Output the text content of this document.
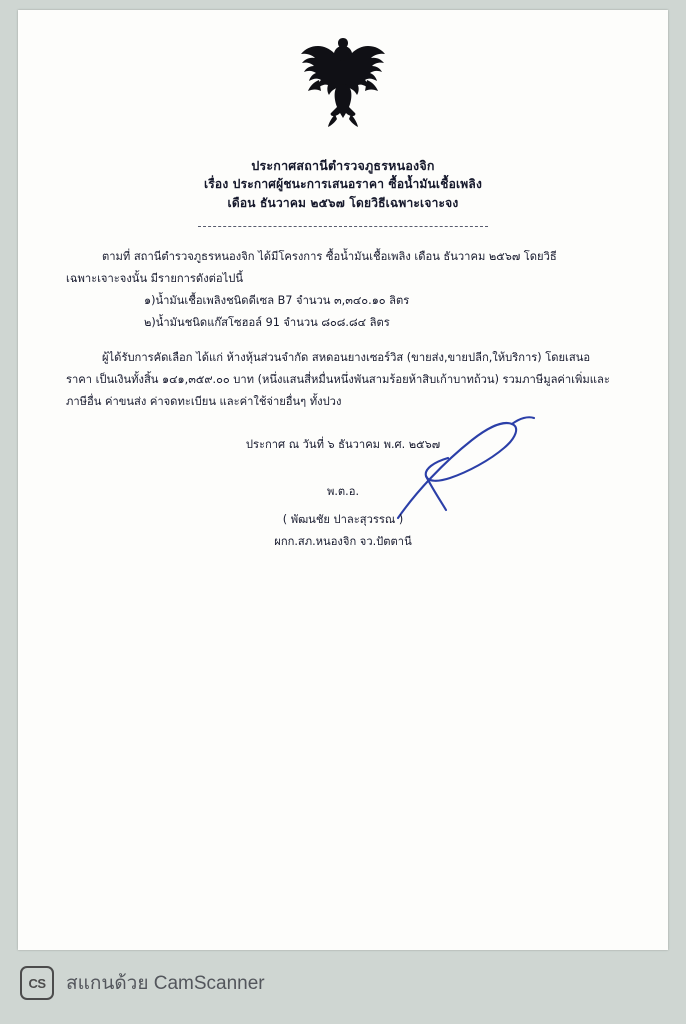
ประกาศสถานีตำรวจภูธรหนองจิก
เรื่อง ประกาศผู้ชนะการเสนอราคา ซื้อน้ำมันเชื้อเพลิง
เดือน ธันวาคม ๒๕๖๗ โดยวิธีเฉพาะเจาะจง
ตามที่ สถานีตำรวจภูธรหนองจิก ได้มีโครงการ ซื้อน้ำมันเชื้อเพลิง เดือน ธันวาคม ๒๕๖๗ โดยวิธี
เฉพาะเจาะจงนั้น มีรายการดังต่อไปนี้
๑)น้ำมันเชื้อเพลิงชนิดดีเซล B7 จำนวน ๓,๓๔๐.๑๐ ลิตร
๒)น้ำมันชนิดแก๊สโซฮอล์ 91 จำนวน ๘๐๘.๘๔ ลิตร
ผู้ได้รับการคัดเลือก ได้แก่ ห้างหุ้นส่วนจำกัด สหดอนยางเซอร์วิส (ขายส่ง,ขายปลีก,ให้บริการ) โดยเสนอ
ราคา เป็นเงินทั้งสิ้น ๑๔๑,๓๕๙.๐๐ บาท (หนึ่งแสนสี่หมื่นหนึ่งพันสามร้อยห้าสิบเก้าบาทถ้วน) รวมภาษีมูลค่าเพิ่มและ
ภาษีอื่น ค่าขนส่ง ค่าจดทะเบียน และค่าใช้จ่ายอื่นๆ ทั้งปวง
ประกาศ ณ วันที่ ๖ ธันวาคม พ.ศ. ๒๕๖๗
พ.ต.อ.
( พัฒนชัย ปาละสุวรรณ )
ผกก.สภ.หนองจิก จว.ปัตตานี
CS	สแกนด้วย CamScanner
